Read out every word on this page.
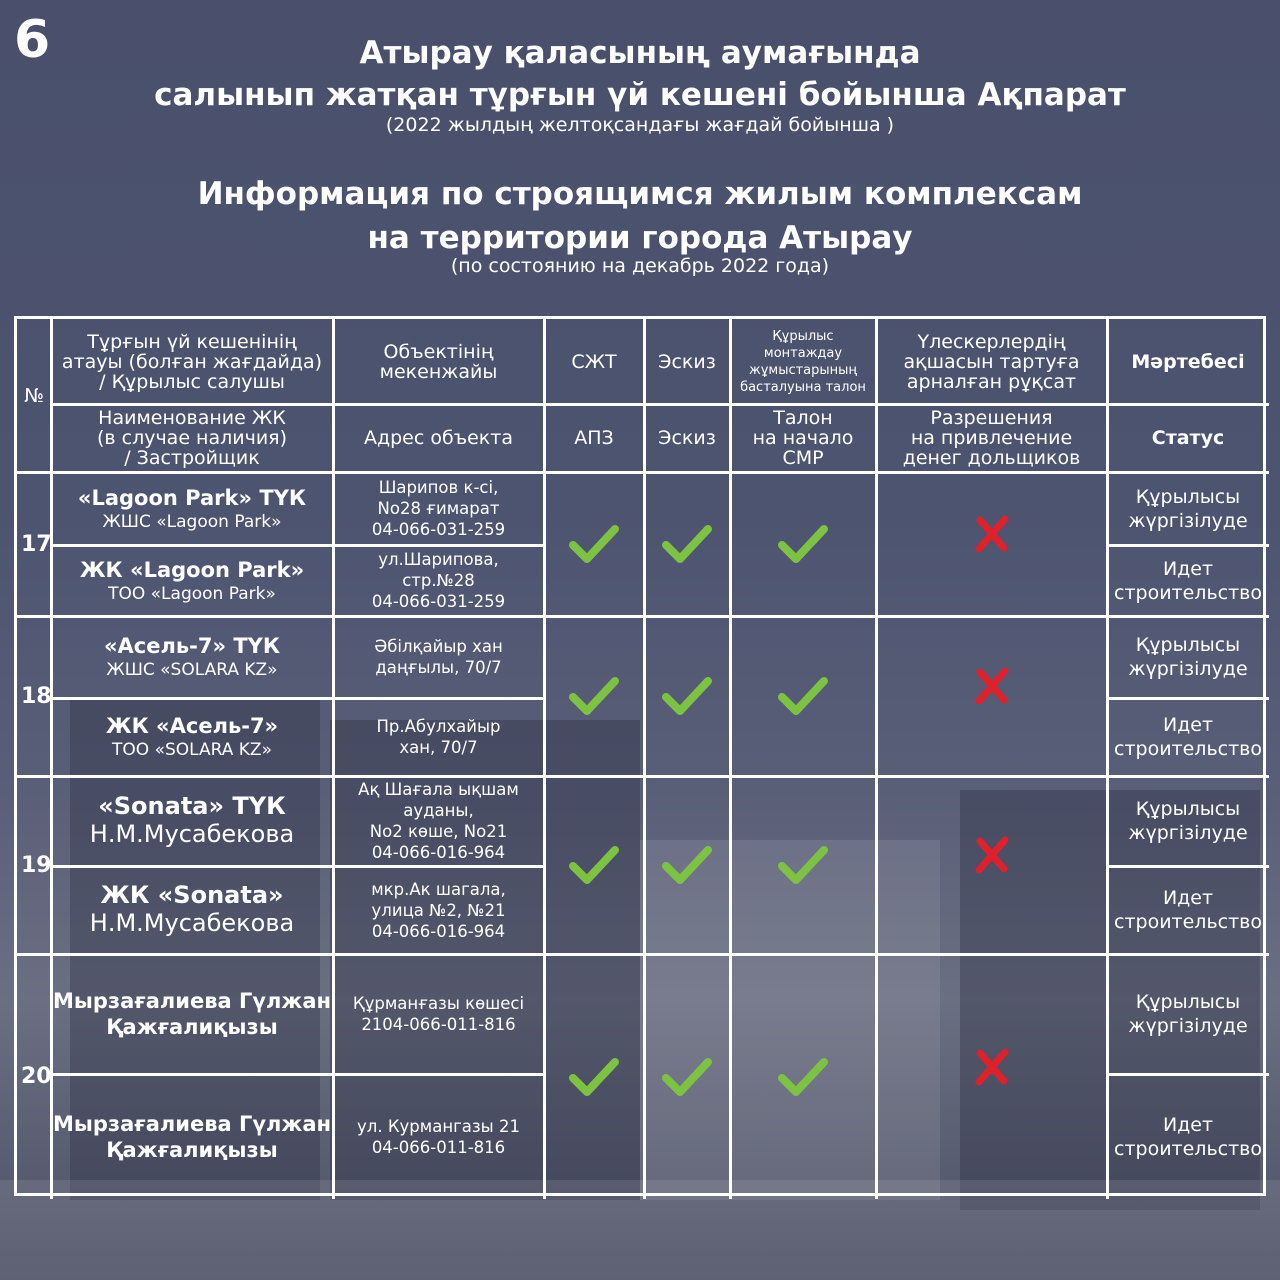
6	Атырау қаласының аумағында
салынып жатқан тұрғын үй кешені бойынша Ақпарат
(2022 жылдың желтоқсандағы жағдай бойынша )
Информация по строящимся жилым комплексам
на территории города Атырау
(по состоянию на декабрь 2022 года)
№
Тұрғын үй кешенінің
атауы (болған жағдайда)
/ Құрылыс салушы
Наименование ЖК
(в случае наличия)
/ Застройщик
Объектінің
мекенжайы
Адрес объекта
СЖТ
АПЗ
Эскиз
Эскиз
Құрылыс
монтаждау
жұмыстарының
басталуына талон
Талон
на начало
СМР
Үлескерлердің
ақшасын тартуға
арналған рұқсат
Разрешения
на привлечение
денег дольщиков
Мәртебесі
Статус
17
«Lagoon Park» ТҮК
ЖШС «Lagoon Park»
Шарипов к-сі,
No28 ғимарат
04-066-031-259
Құрылысы
жүргізілуде
ЖК «Lagoon Park»
ТОО «Lagoon Park»
ул.Шарипова,
стр.№28
04-066-031-259
Идет
строительство
18
«Асель-7» ТҮК
ЖШС «SOLARA KZ»
Әбілқайыр хан
даңғылы, 70/7
Құрылысы
жүргізілуде
ЖК «Асель-7»
ТОО «SOLARA KZ»
Пр.Абулхайыр
хан, 70/7
Идет
строительство
19
«Sonata» ТҮК
Н.М.Мусабекова
Ақ Шағала ықшам
ауданы,
No2 көше, No21
04-066-016-964
Құрылысы
жүргізілуде
ЖК «Sonata»
Н.М.Мусабекова
мкр.Ак шагала,
улица №2, №21
04-066-016-964
Идет
строительство
20
Мырзағалиева Гүлжан
Қажғалиқызы
Құрманғазы көшесі
2104-066-011-816
Құрылысы
жүргізілуде
Мырзағалиева Гүлжан
Қажғалиқызы
ул. Курмангазы 21
04-066-011-816
Идет
строительство
